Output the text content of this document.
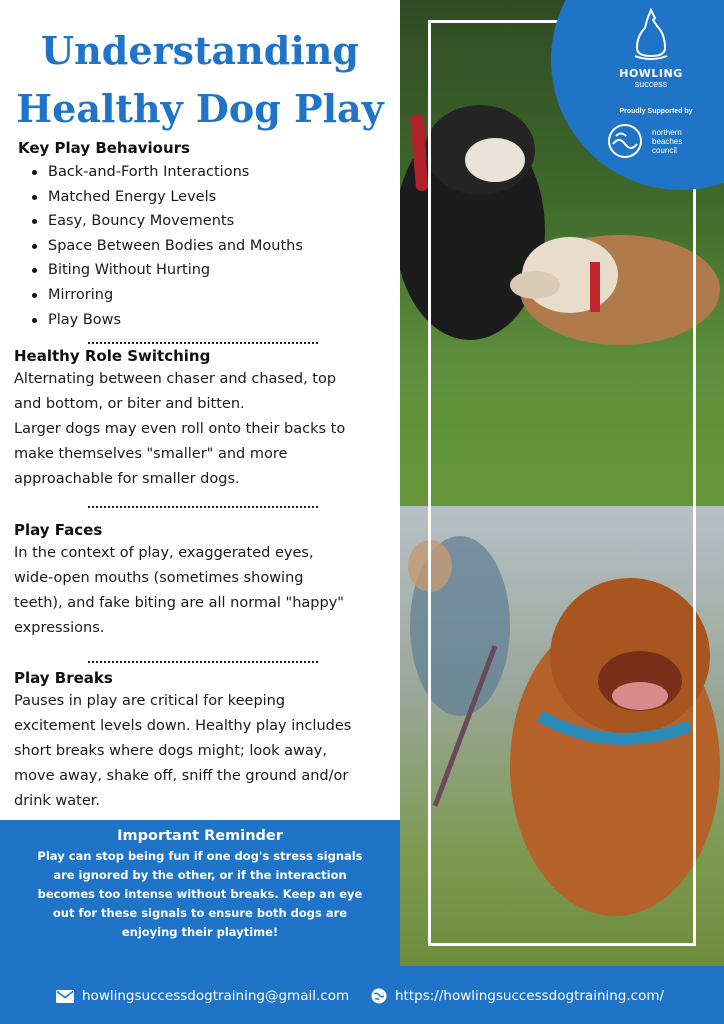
HOWLING
success
Proudly Supported by
northern
beaches
council
Understanding
Healthy Dog Play
Key Play Behaviours
Back-and-Forth Interactions
Matched Energy Levels
Easy, Bouncy Movements
Space Between Bodies and Mouths
Biting Without Hurting
Mirroring
Play Bows
Healthy Role Switching
Alternating between chaser and chased, top
and bottom, or biter and bitten.
Larger dogs may even roll onto their backs to
make themselves "smaller" and more
approachable for smaller dogs.
Play Faces
In the context of play, exaggerated eyes,
wide-open mouths (sometimes showing
teeth), and fake biting are all normal "happy"
expressions.
Play Breaks
Pauses in play are critical for keeping
excitement levels down. Healthy play includes
short breaks where dogs might; look away,
move away, shake off, sniff the ground and/or
drink water.
Important Reminder
Play can stop being fun if one dog's stress signals
are ignored by the other, or if the interaction
becomes too intense without breaks. Keep an eye
out for these signals to ensure both dogs are
enjoying their playtime!
howlingsuccessdogtraining@gmail.com	https://howlingsuccessdogtraining.com/
